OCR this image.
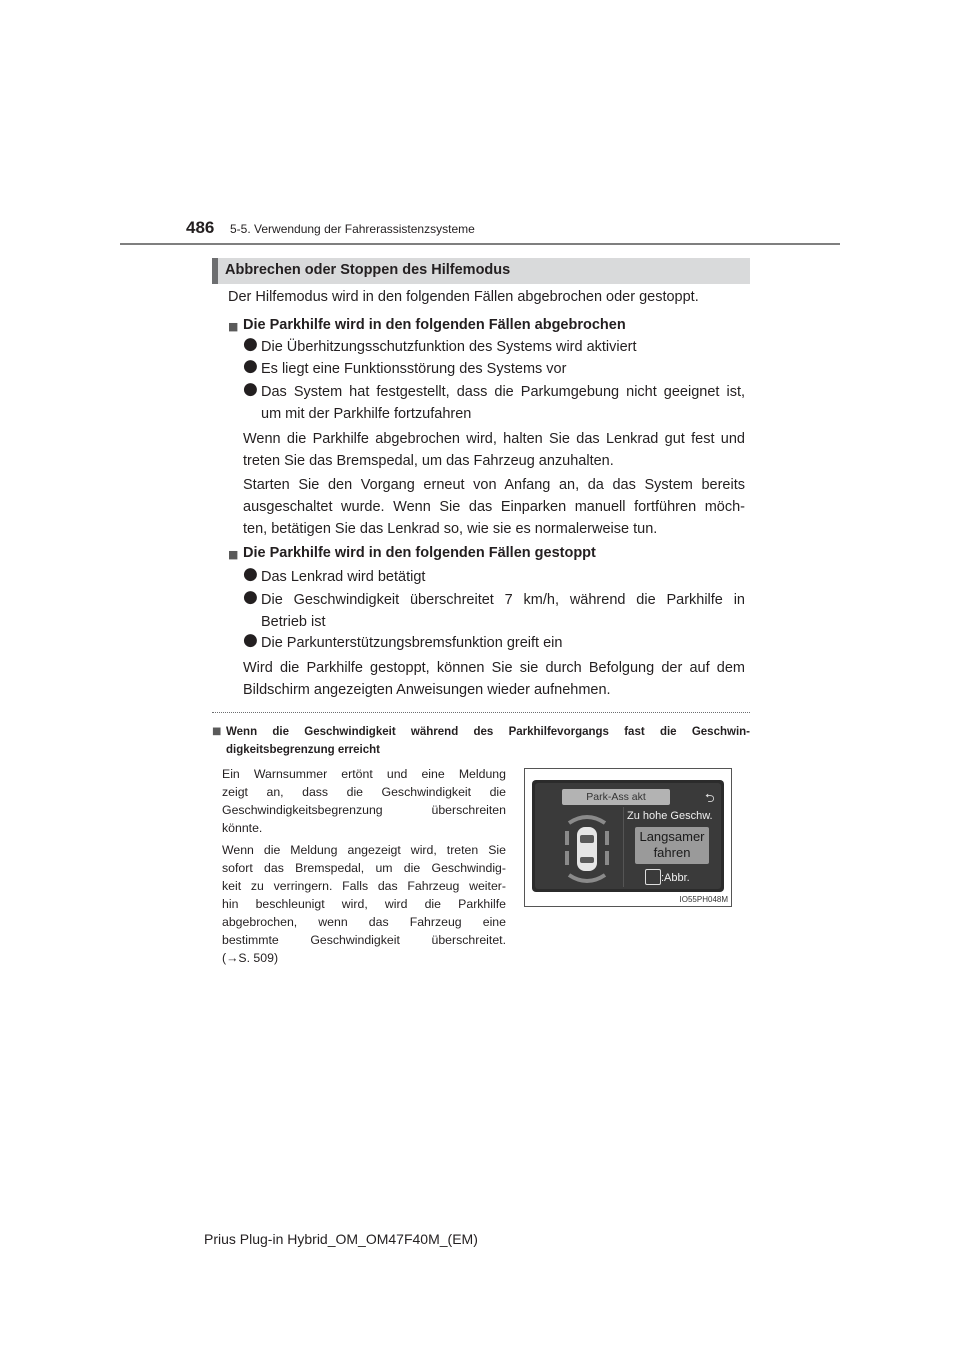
486 5-5. Verwendung der Fahrerassistenzsysteme
Abbrechen oder Stoppen des Hilfemodus
Der Hilfemodus wird in den folgenden Fällen abgebrochen oder gestoppt.
■ Die Parkhilfe wird in den folgenden Fällen abgebrochen
● Die Überhitzungsschutzfunktion des Systems wird aktiviert
● Es liegt eine Funktionsstörung des Systems vor
● Das System hat festgestellt, dass die Parkumgebung nicht geeignet ist,
um mit der Parkhilfe fortzufahren
Wenn die Parkhilfe abgebrochen wird, halten Sie das Lenkrad gut fest und
treten Sie das Bremspedal, um das Fahrzeug anzuhalten.
Starten Sie den Vorgang erneut von Anfang an, da das System bereits
ausgeschaltet wurde. Wenn Sie das Einparken manuell fortführen möch-
ten, betätigen Sie das Lenkrad so, wie sie es normalerweise tun.
■ Die Parkhilfe wird in den folgenden Fällen gestoppt
● Das Lenkrad wird betätigt
● Die Geschwindigkeit überschreitet 7 km/h, während die Parkhilfe in
Betrieb ist
● Die Parkunterstützungsbremsfunktion greift ein
Wird die Parkhilfe gestoppt, können Sie sie durch Befolgung der auf dem
Bildschirm angezeigten Anweisungen wieder aufnehmen.
■ Wenn die Geschwindigkeit während des Parkhilfevorgangs fast die Geschwin-
digkeitsbegrenzung erreicht
Ein Warnsummer ertönt und eine Meldung
zeigt an, dass die Geschwindigkeit die
Geschwindigkeitsbegrenzung überschreiten
könnte.
Wenn die Meldung angezeigt wird, treten Sie
sofort das Bremspedal, um die Geschwindig-
keit zu verringern. Falls das Fahrzeug weiter-
hin beschleunigt wird, wird die Parkhilfe
abgebrochen, wenn das Fahrzeug eine
bestimmte Geschwindigkeit überschreitet.
(→S. 509)
Park-Ass akt	⮌
Zu hohe Geschw.
Langsamer
fahren
:Abbr.
IO55PH048M
Prius Plug-in Hybrid_OM_OM47F40M_(EM)
